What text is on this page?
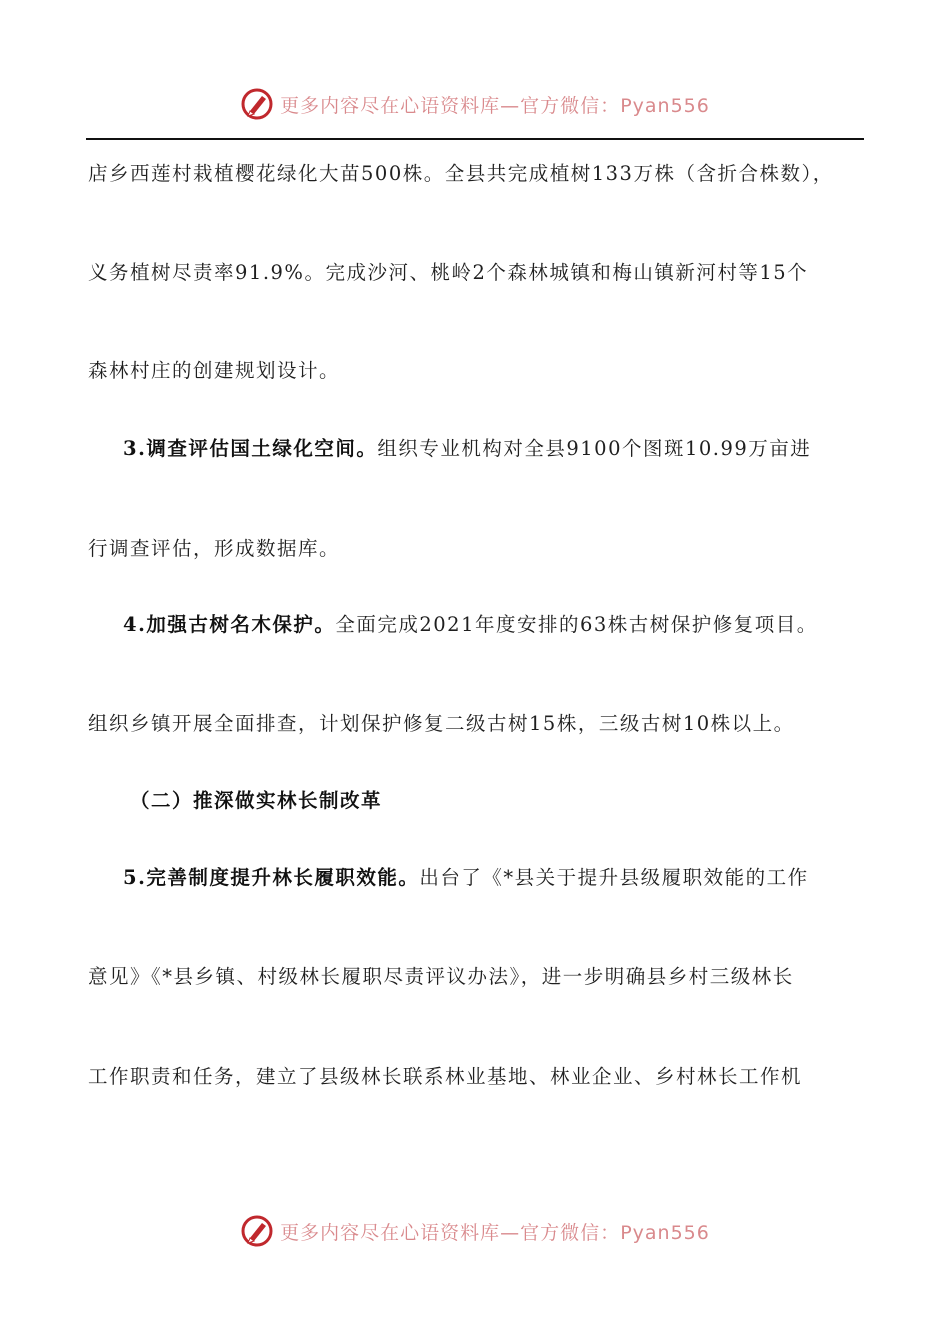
更多内容尽在心语资料库—官方微信：Pyan556
店乡西莲村栽植樱花绿化大苗500株。全县共完成植树133万株（含折合株数），
义务植树尽责率91.9%。完成沙河、桃岭2个森林城镇和梅山镇新河村等15个
森林村庄的创建规划设计。
3.调查评估国土绿化空间。组织专业机构对全县9100个图斑10.99万亩进
行调查评估，形成数据库。
4.加强古树名木保护。全面完成2021年度安排的63株古树保护修复项目。
组织乡镇开展全面排查，计划保护修复二级古树15株，三级古树10株以上。
（二）推深做实林长制改革
5.完善制度提升林长履职效能。出台了《*县关于提升县级履职效能的工作
意见》《*县乡镇、村级林长履职尽责评议办法》，进一步明确县乡村三级林长
工作职责和任务，建立了县级林长联系林业基地、林业企业、乡村林长工作机
更多内容尽在心语资料库—官方微信：Pyan556
